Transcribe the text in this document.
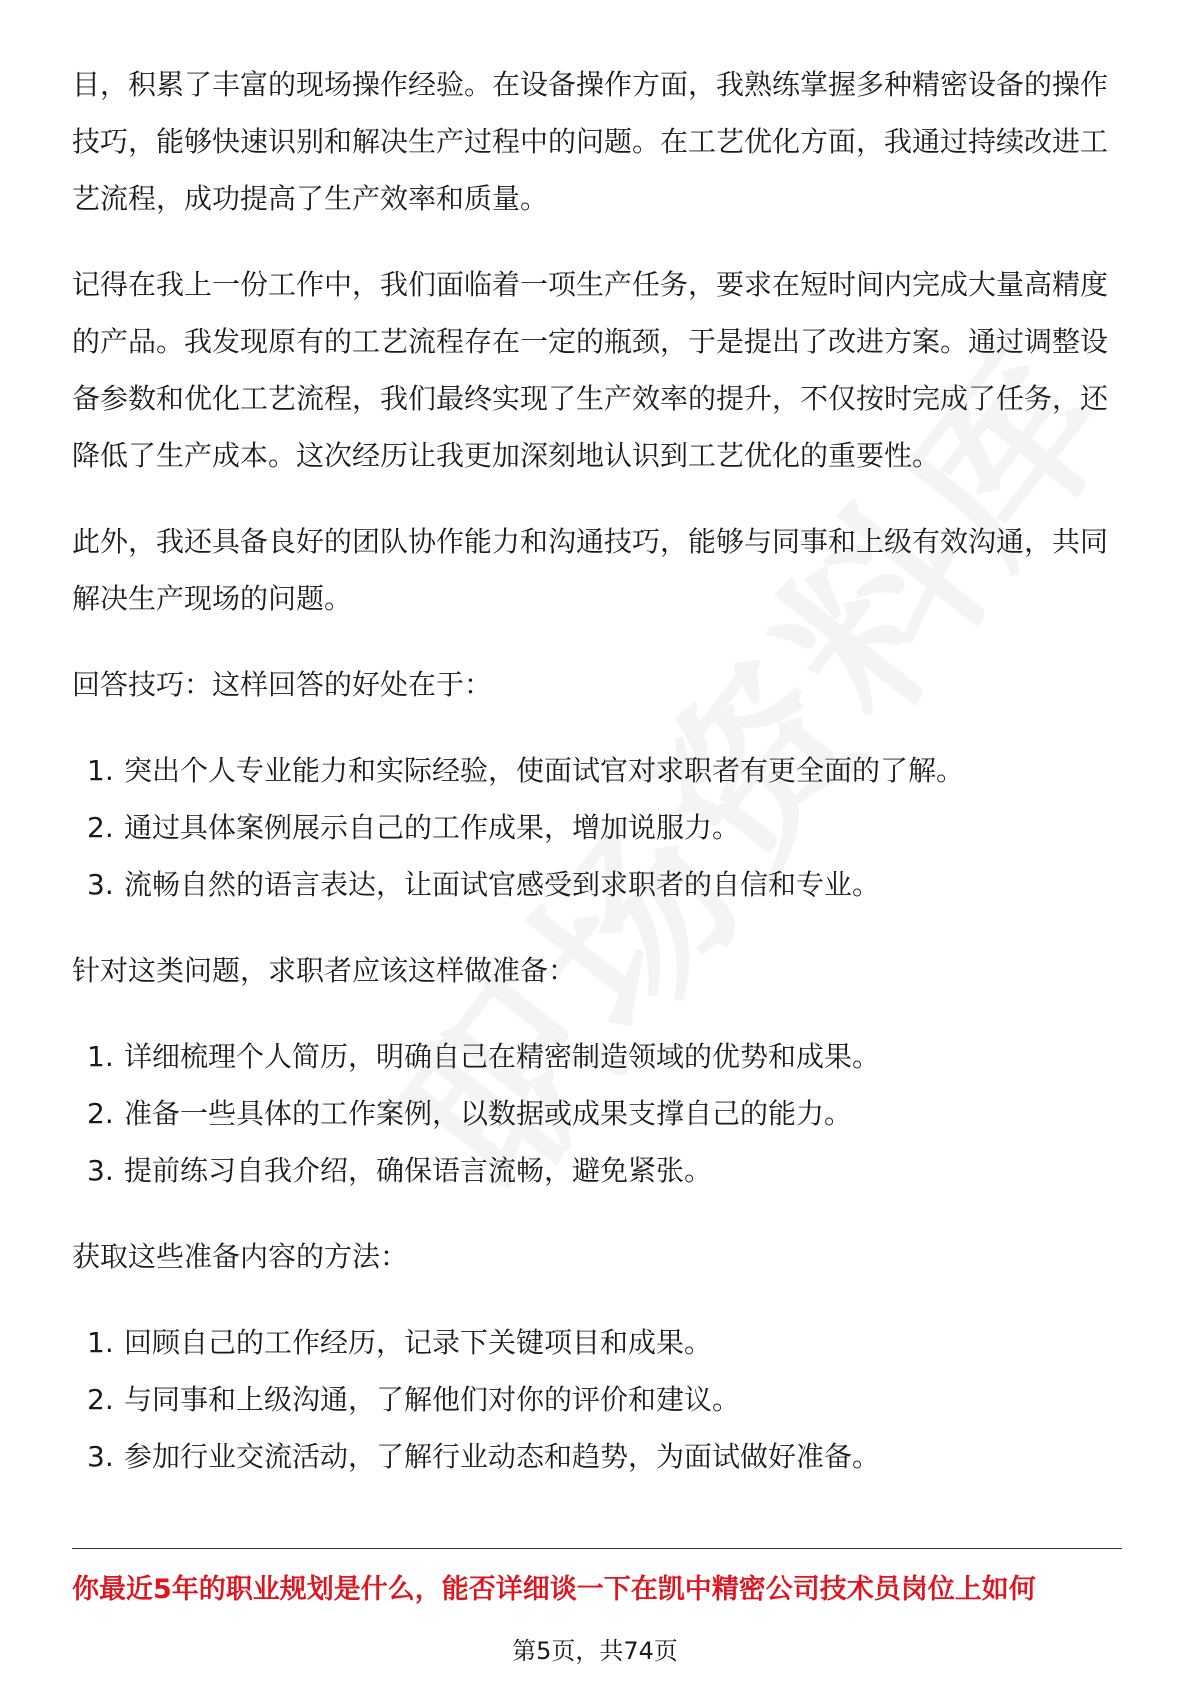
目，积累了丰富的现场操作经验。在设备操作方面，我熟练掌握多种精密设备的操作技巧，能够快速识别和解决生产过程中的问题。在工艺优化方面，我通过持续改进工艺流程，成功提高了生产效率和质量。

记得在我上一份工作中，我们面临着一项生产任务，要求在短时间内完成大量高精度的产品。我发现原有的工艺流程存在一定的瓶颈，于是提出了改进方案。通过调整设备参数和优化工艺流程，我们最终实现了生产效率的提升，不仅按时完成了任务，还降低了生产成本。这次经历让我更加深刻地认识到工艺优化的重要性。

此外，我还具备良好的团队协作能力和沟通技巧，能够与同事和上级有效沟通，共同解决生产现场的问题。

回答技巧：这样回答的好处在于：

1. 突出个人专业能力和实际经验，使面试官对求职者有更全面的了解。
2. 通过具体案例展示自己的工作成果，增加说服力。
3. 流畅自然的语言表达，让面试官感受到求职者的自信和专业。

针对这类问题，求职者应该这样做准备：

1. 详细梳理个人简历，明确自己在精密制造领域的优势和成果。
2. 准备一些具体的工作案例，以数据或成果支撑自己的能力。
3. 提前练习自我介绍，确保语言流畅，避免紧张。

获取这些准备内容的方法：

1. 回顾自己的工作经历，记录下关键项目和成果。
2. 与同事和上级沟通，了解他们对你的评价和建议。
3. 参加行业交流活动，了解行业动态和趋势，为面试做好准备。
你最近5年的职业规划是什么，能否详细谈一下在凯中精密公司技术员岗位上如何
第5页，共74页
